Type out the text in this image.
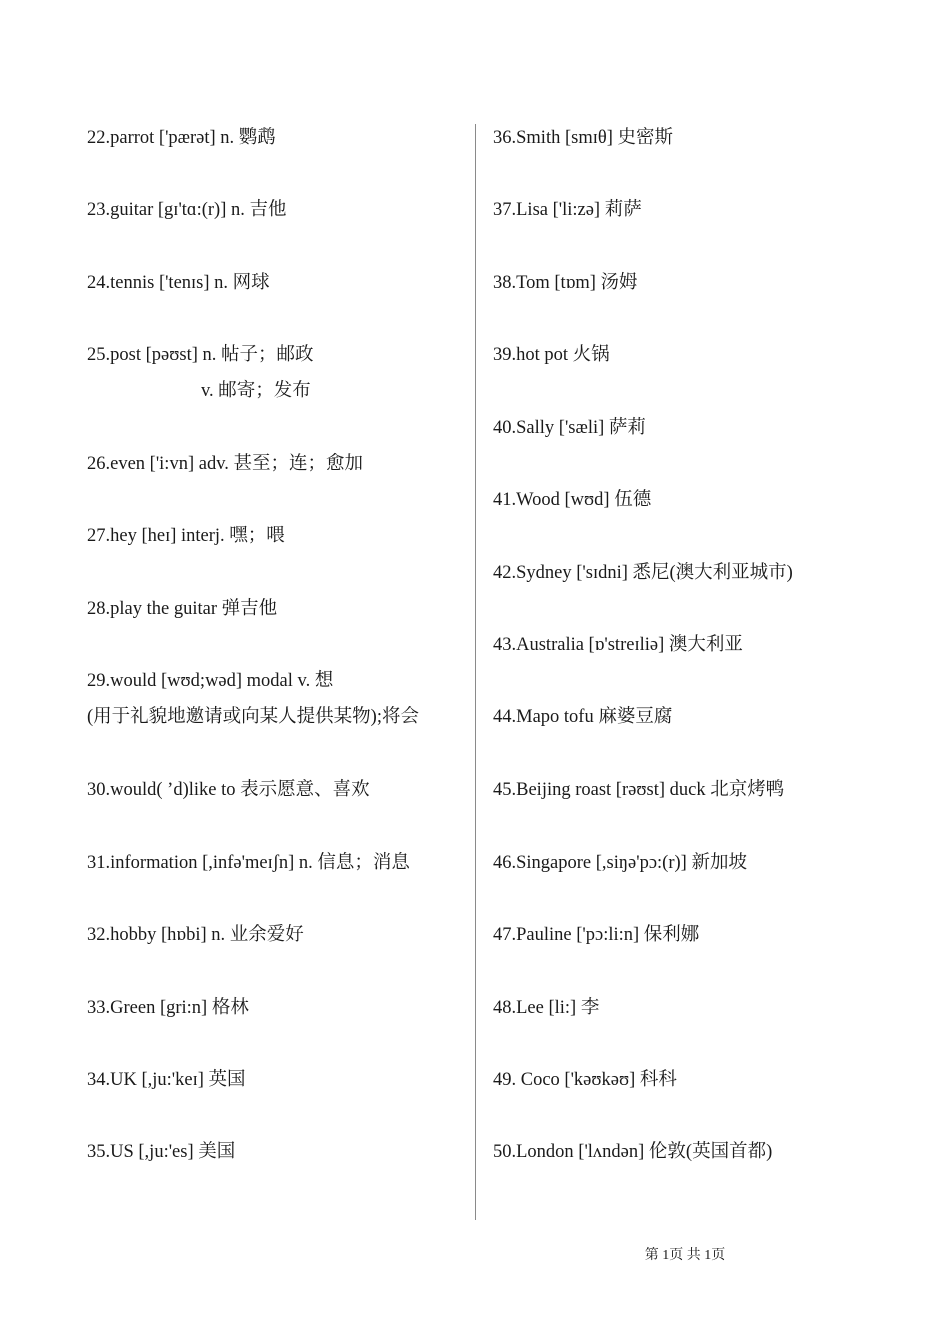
22.parrot ['pærət] n. 鹦鹉
23.guitar [gɪ'tɑ:(r)] n. 吉他
24.tennis ['tenɪs] n. 网球
25.post [pəʊst] n. 帖子；邮政
v. 邮寄；发布
26.even ['i:vn] adv. 甚至；连；愈加
27.hey [heɪ] interj. 嘿；喂
28.play the guitar 弹吉他
29.would [wʊd;wəd] modal v. 想
(用于礼貌地邀请或向某人提供某物);将会
30.would( ’d)like to 表示愿意、喜欢
31.information [,infə'meɪʃn] n. 信息；消息
32.hobby [hɒbi] n. 业余爱好
33.Green [gri:n] 格林
34.UK [,ju:'keɪ] 英国
35.US [,ju:'es] 美国
36.Smith [smɪθ] 史密斯
37.Lisa ['li:zə] 莉萨
38.Tom [tɒm] 汤姆
39.hot pot 火锅
40.Sally ['sæli] 萨莉
41.Wood [wʊd] 伍德
42.Sydney ['sɪdni] 悉尼(澳大利亚城市)
43.Australia [ɒ'streɪliə] 澳大利亚
44.Mapo tofu 麻婆豆腐
45.Beijing roast [rəʊst] duck 北京烤鸭
46.Singapore [,siŋə'pɔ:(r)] 新加坡
47.Pauline ['pɔ:li:n] 保利娜
48.Lee [li:] 李
49. Coco ['kəʊkəʊ] 科科
50.London ['lʌndən] 伦敦(英国首都)
第 1页 共 1页
